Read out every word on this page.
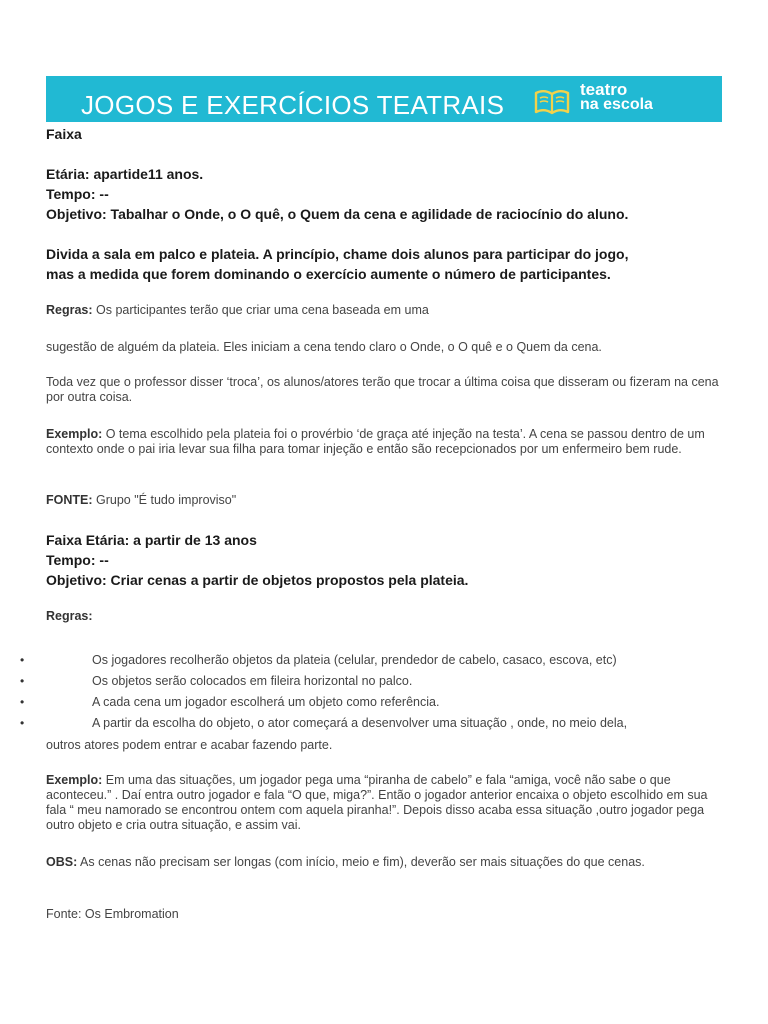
JOGOS E EXERCÍCIOS TEATRAIS
teatro
na escola
Faixa
Etária: apartide11 anos.
Tempo: --
Objetivo: Tabalhar o Onde, o O quê, o Quem da cena e agilidade de raciocínio do aluno.
Divida a sala em palco e plateia. A princípio, chame dois alunos para participar do jogo,
mas a medida que forem dominando o exercício aumente o número de participantes.
Regras: Os participantes terão que criar uma cena baseada em uma
sugestão de alguém da plateia. Eles iniciam a cena tendo claro o Onde, o O quê e o Quem da cena.
Toda vez que o professor disser ‘troca’, os alunos/atores terão que trocar a última coisa que disseram ou fizeram na cena por outra coisa.
Exemplo: O tema escolhido pela plateia foi o provérbio ‘de graça até injeção na testa’. A cena se passou dentro de um contexto onde o pai iria levar sua filha para tomar injeção e então são recepcionados por um enfermeiro bem rude.
FONTE: Grupo "É tudo improviso"
Faixa Etária: a partir de 13 anos
Tempo: --
Objetivo: Criar cenas a partir de objetos propostos pela plateia.
Regras:
•	Os jogadores recolherão objetos da plateia (celular, prendedor de cabelo, casaco, escova, etc)
•	Os objetos serão colocados em fileira horizontal no palco.
•	A cada cena um jogador escolherá um objeto como referência.
•	A partir da escolha do objeto, o ator começará a desenvolver uma situação , onde, no meio dela,
outros atores podem entrar e acabar fazendo parte.
Exemplo: Em uma das situações, um jogador pega uma “piranha de cabelo” e fala “amiga, você não sabe o que aconteceu.” . Daí entra outro jogador e fala “O que, miga?”. Então o jogador anterior encaixa o objeto escolhido em sua fala “ meu namorado se encontrou ontem com aquela piranha!”. Depois disso acaba essa situação ,outro jogador pega outro objeto e cria outra situação, e assim vai.
OBS: As cenas não precisam ser longas (com início, meio e fim), deverão ser mais situações do que cenas.
Fonte: Os Embromation
